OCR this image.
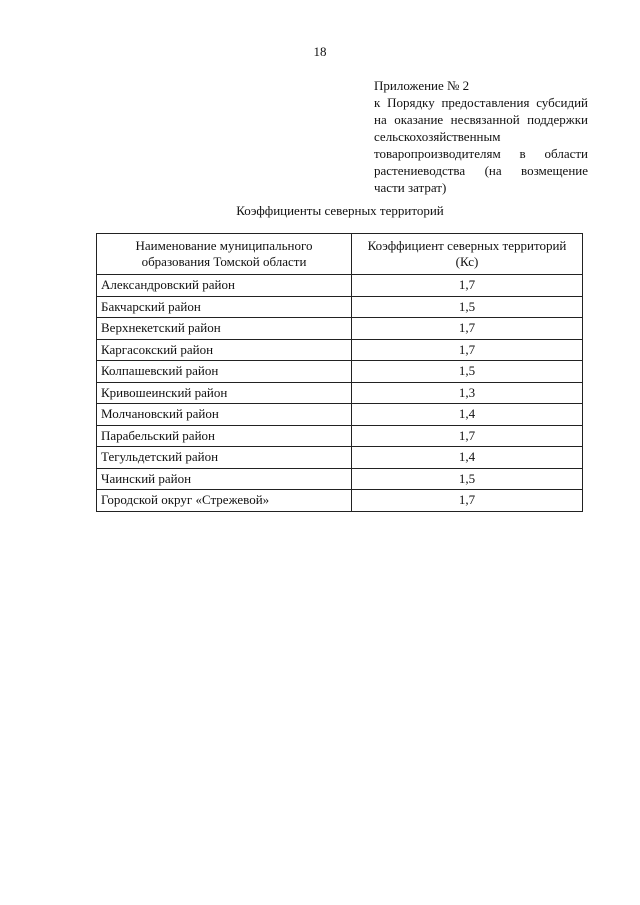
18
Приложение № 2
к Порядку предоставления субсидий на оказание несвязанной поддержки сельскохозяйственным товаропроизводителям в области растениеводства (на возмещение части затрат)
Коэффициенты северных территорий
Наименование муниципального образования Томской области	Коэффициент северных территорий (Кс)
Александровский район	1,7
Бакчарский район	1,5
Верхнекетский район	1,7
Каргасокский район	1,7
Колпашевский район	1,5
Кривошеинский район	1,3
Молчановский район	1,4
Парабельский район	1,7
Тегульдетский район	1,4
Чаинский район	1,5
Городской округ «Стрежевой»	1,7
